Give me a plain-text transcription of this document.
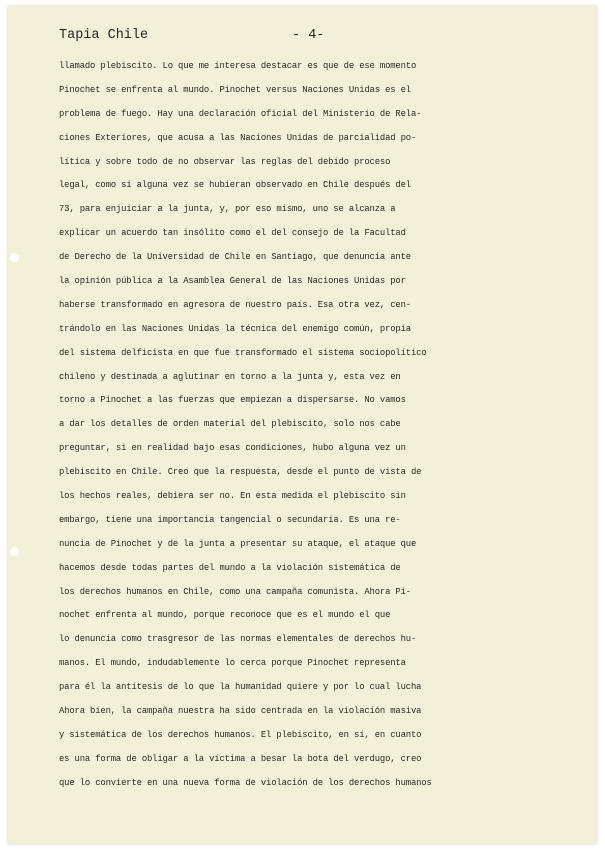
Tapia Chile	- 4-
llamado plebiscito. Lo que me interesa destacar es que de ese momento
Pinochet se enfrenta al mundo. Pinochet versus Naciones Unidas es el
problema de fuego. Hay una declaración oficial del Ministerio de Rela-
ciones Exteriores, que acusa a las Naciones Unidas de parcialidad po-
lítica y sobre todo de no observar las reglas del debido proceso
legal, como si alguna vez se hubieran observado en Chile después del
73, para enjuiciar a la junta, y, por eso mismo, uno se alcanza a
explicar un acuerdo tan insólito como el del consejo de la Facultad
de Derecho de la Universidad de Chile en Santiago, que denuncia ante
la opinión pública a la Asamblea General de las Naciones Unidas por
haberse transformado en agresora de nuestro país. Esa otra vez, cen-
trándolo en las Naciones Unidas la técnica del enemigo común, propia
del sistema delficista en que fue transformado el sistema sociopolítico
chileno y destinada a aglutinar en torno a la junta y, esta vez en
torno a Pinochet a las fuerzas que empiezan a dispersarse. No vamos
a dar los detalles de orden material del plebiscito, solo nos cabe
preguntar, si en realidad bajo esas condiciones, hubo alguna vez un
plebiscito en Chile. Creo que la respuesta, desde el punto de vista de
los hechos reales, debiera ser no. En esta medida el plebiscito sin
embargo, tiene una importancia tangencial o secundaria. Es una re-
nuncia de Pinochet y de la junta a presentar su ataque, el ataque que
hacemos desde todas partes del mundo a la violación sistemática de
los derechos humanos en Chile, como una campaña comunista. Ahora Pi-
nochet enfrenta al mundo, porque reconoce que es el mundo el que
lo denuncia como trasgresor de las normas elementales de derechos hu-
manos. El mundo, indudablemente lo cerca porque Pinochet representa
para él la antítesis de lo que la humanidad quiere y por lo cual lucha
Ahora bien, la campaña nuestra ha sido centrada en la violación masiva
y sistemática de los derechos humanos. El plebiscito, en sí, en cuanto
es una forma de obligar a la víctima a besar la bota del verdugo, creo
que lo convierte en una nueva forma de violación de los derechos humanos
